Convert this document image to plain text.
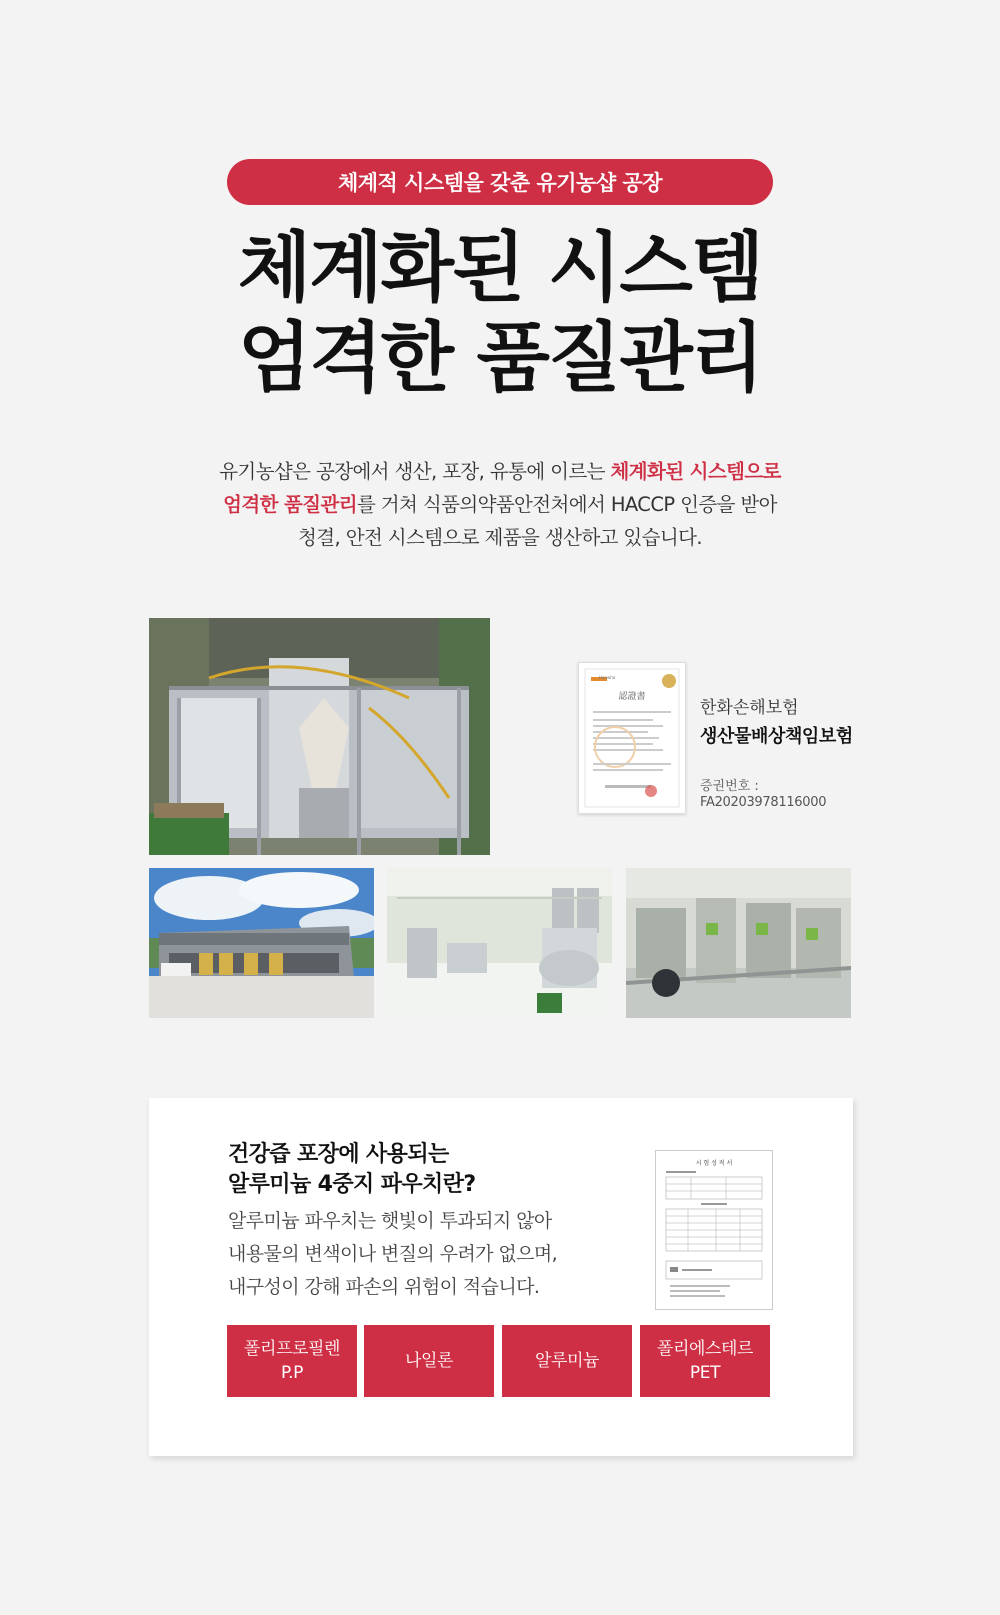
체계적 시스템을 갖춘 유기농샵 공장
체계화된 시스템
엄격한 품질관리
유기농샵은 공장에서 생산, 포장, 유통에 이르는 체계화된 시스템으로
엄격한 품질관리를 거쳐 식품의약품안전처에서 HACCP 인증을 받아
청결, 안전 시스템으로 제품을 생산하고 있습니다.
Hanwha
認證書
한화손해보험
생산물배상책임보험
증권번호 :
FA20203978116000
건강즙 포장에 사용되는
알루미늄 4중지 파우치란?
알루미늄 파우치는 햇빛이 투과되지 않아
내용물의 변색이나 변질의 우려가 없으며,
내구성이 강해 파손의 위험이 적습니다.
시 험 성 적 서
폴리프로필렌
P.P
나일론	알루미늄
폴리에스테르
PET
